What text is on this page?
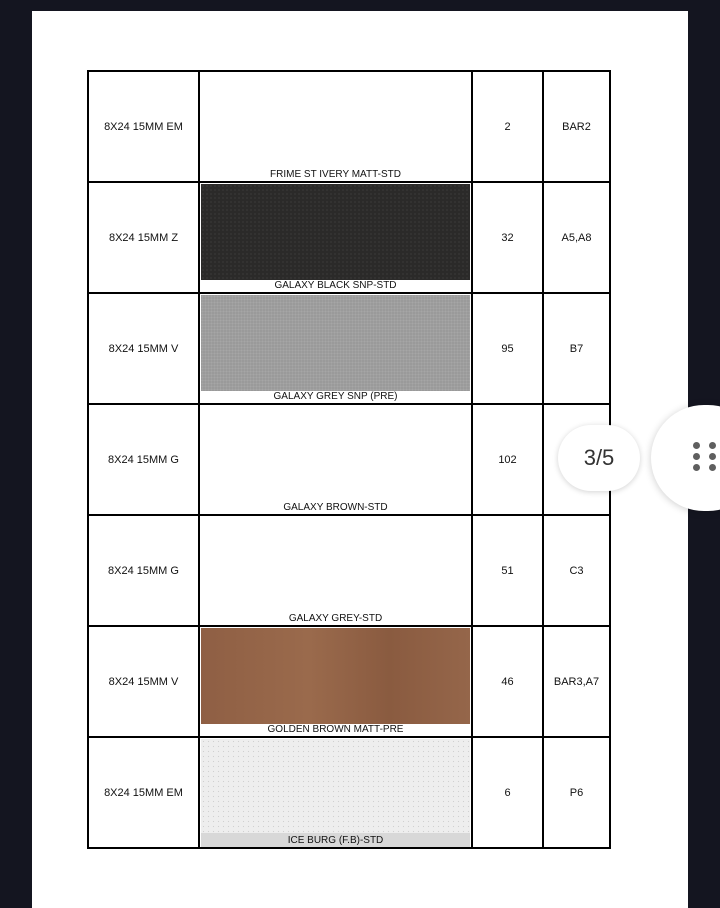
8X24 15MM EM	FRIME ST IVERY MATT-STD	2	BAR2
8X24 15MM Z	GALAXY BLACK SNP-STD	32	A5,A8
8X24 15MM V	GALAXY GREY SNP (PRE)	95	B7
8X24 15MM G	GALAXY BROWN-STD	102	
8X24 15MM G	GALAXY GREY-STD	51	C3
8X24 15MM V	GOLDEN BROWN MATT-PRE	46	BAR3,A7
8X24 15MM EM	ICE BURG (F.B)-STD	6	P6
3/5
